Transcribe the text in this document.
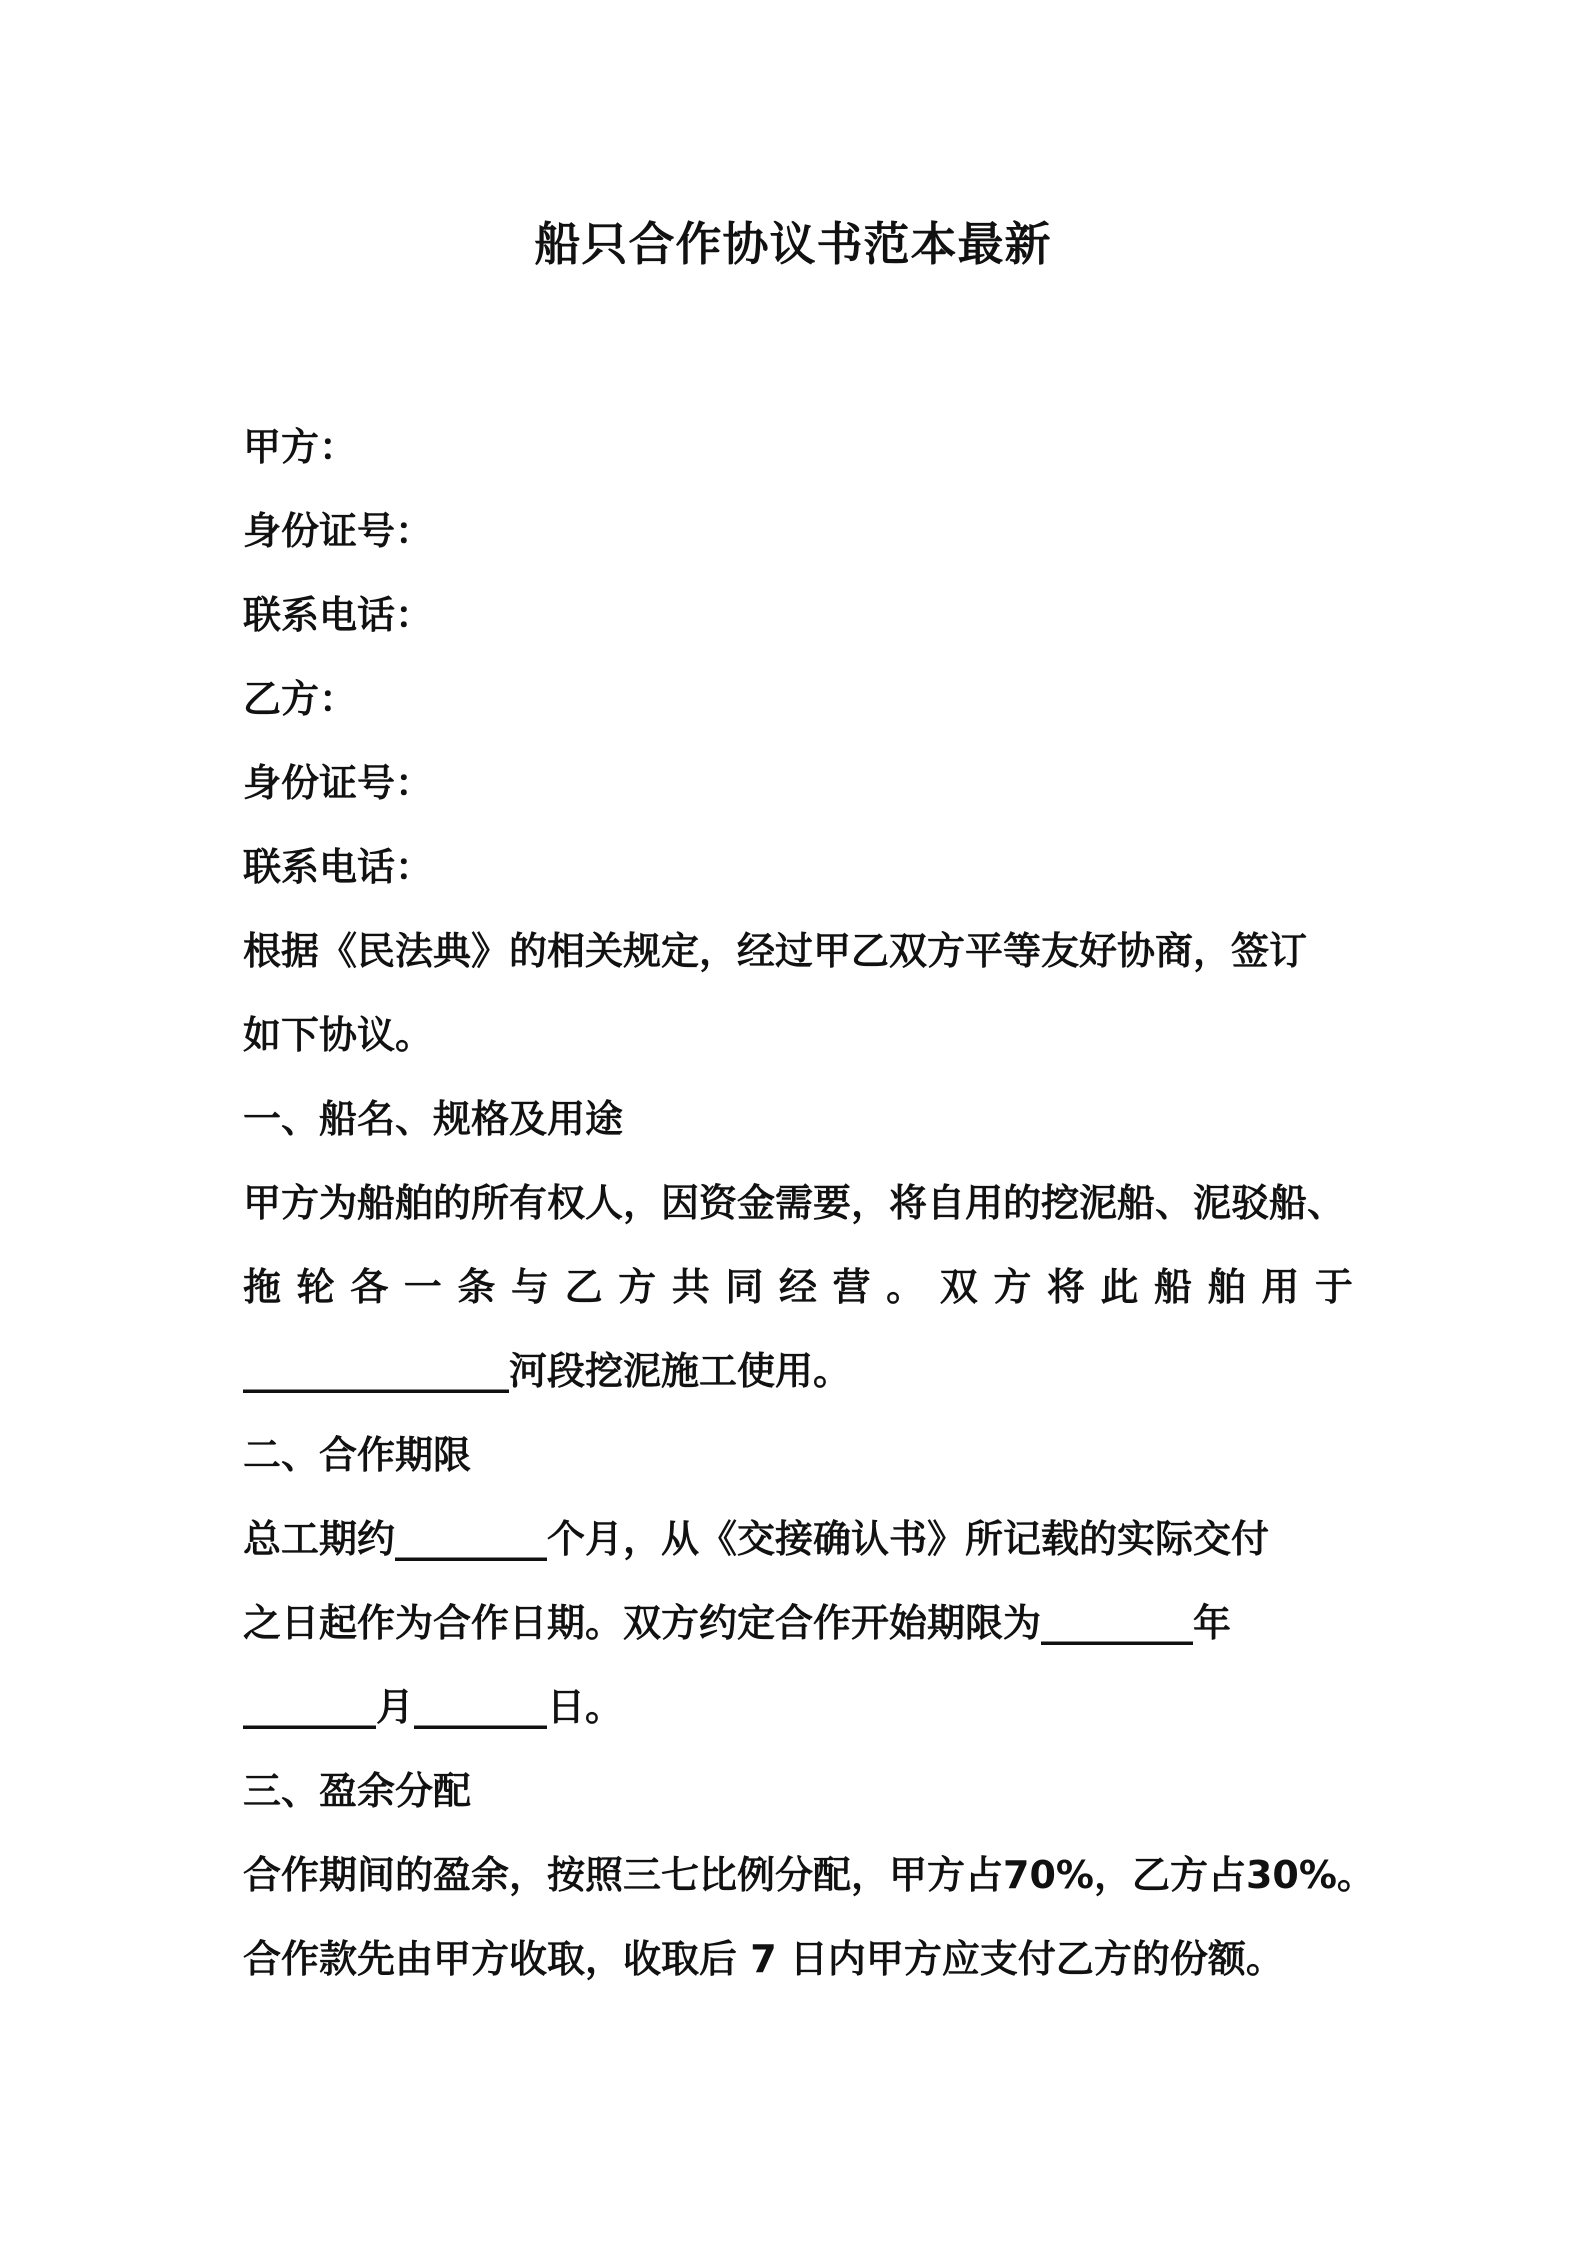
船只合作协议书范本最新
甲方：
身份证号：
联系电话：
乙方：
身份证号：
联系电话：
根据《民法典》的相关规定，经过甲乙双方平等友好协商，签订
如下协议。
一、船名、规格及用途
甲方为船舶的所有权人，因资金需要，将自用的挖泥船、泥驳船、
拖 轮 各 一 条 与 乙 方 共 同 经 营 。 双 方 将 此 船 舶 用 于
______________河段挖泥施工使用。
二、合作期限
总工期约________个月，从《交接确认书》所记载的实际交付
之日起作为合作日期。双方约定合作开始期限为________年
_______月_______日。
三、盈余分配
合作期间的盈余，按照三七比例分配，甲方占70%，乙方占30%。
合作款先由甲方收取，收取后 7 日内甲方应支付乙方的份额。
